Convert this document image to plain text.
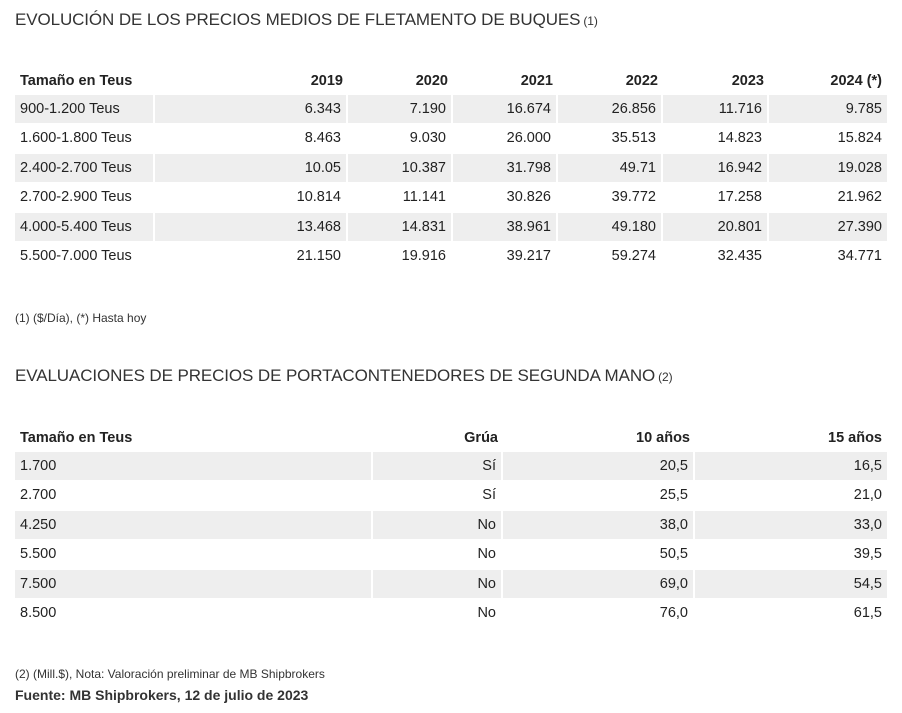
EVOLUCIÓN DE LOS PRECIOS MEDIOS DE FLETAMENTO DE BUQUES (1)
Tamaño en Teus	2019	2020	2021	2022	2023	2024 (*)
900-1.200 Teus	6.343	7.190	16.674	26.856	11.716	9.785
1.600-1.800 Teus	8.463	9.030	26.000	35.513	14.823	15.824
2.400-2.700 Teus	10.05	10.387	31.798	49.71	16.942	19.028
2.700-2.900 Teus	10.814	11.141	30.826	39.772	17.258	21.962
4.000-5.400 Teus	13.468	14.831	38.961	49.180	20.801	27.390
5.500-7.000 Teus	21.150	19.916	39.217	59.274	32.435	34.771
(1) ($/Día), (*) Hasta hoy
EVALUACIONES DE PRECIOS DE PORTACONTENEDORES DE SEGUNDA MANO (2)
Tamaño en Teus	Grúa	10 años	15 años
1.700	Sí	20,5	16,5
2.700	Sí	25,5	21,0
4.250	No	38,0	33,0
5.500	No	50,5	39,5
7.500	No	69,0	54,5
8.500	No	76,0	61,5
(2) (Mill.$), Nota: Valoración preliminar de MB Shipbrokers
Fuente: MB Shipbrokers, 12 de julio de 2023
